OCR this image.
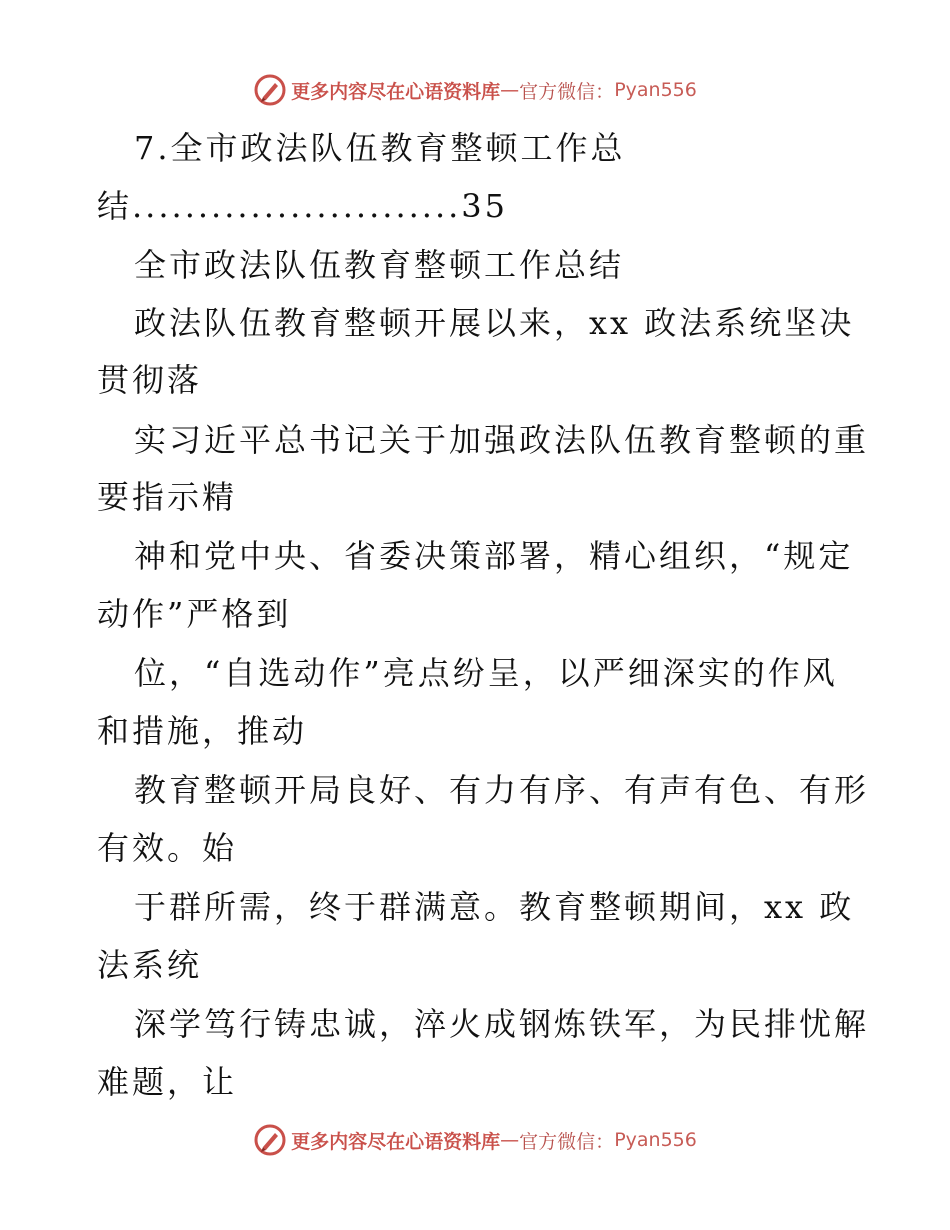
更多内容尽在心语资料库 — 官方微信： Pyan556
7.全市政法队伍教育整顿工作总
结.........................35
全市政法队伍教育整顿工作总结
政法队伍教育整顿开展以来，xx 政法系统坚决
贯彻落
实习近平总书记关于加强政法队伍教育整顿的重
要指示精
神和党中央、省委决策部署，精心组织，“规定
动作”严格到
位，“自选动作”亮点纷呈，以严细深实的作风
和措施，推动
教育整顿开局良好、有力有序、有声有色、有形
有效。始
于群所需，终于群满意。教育整顿期间，xx 政
法系统
深学笃行铸忠诚，淬火成钢炼铁军，为民排忧解
难题，让
更多内容尽在心语资料库 — 官方微信： Pyan556
